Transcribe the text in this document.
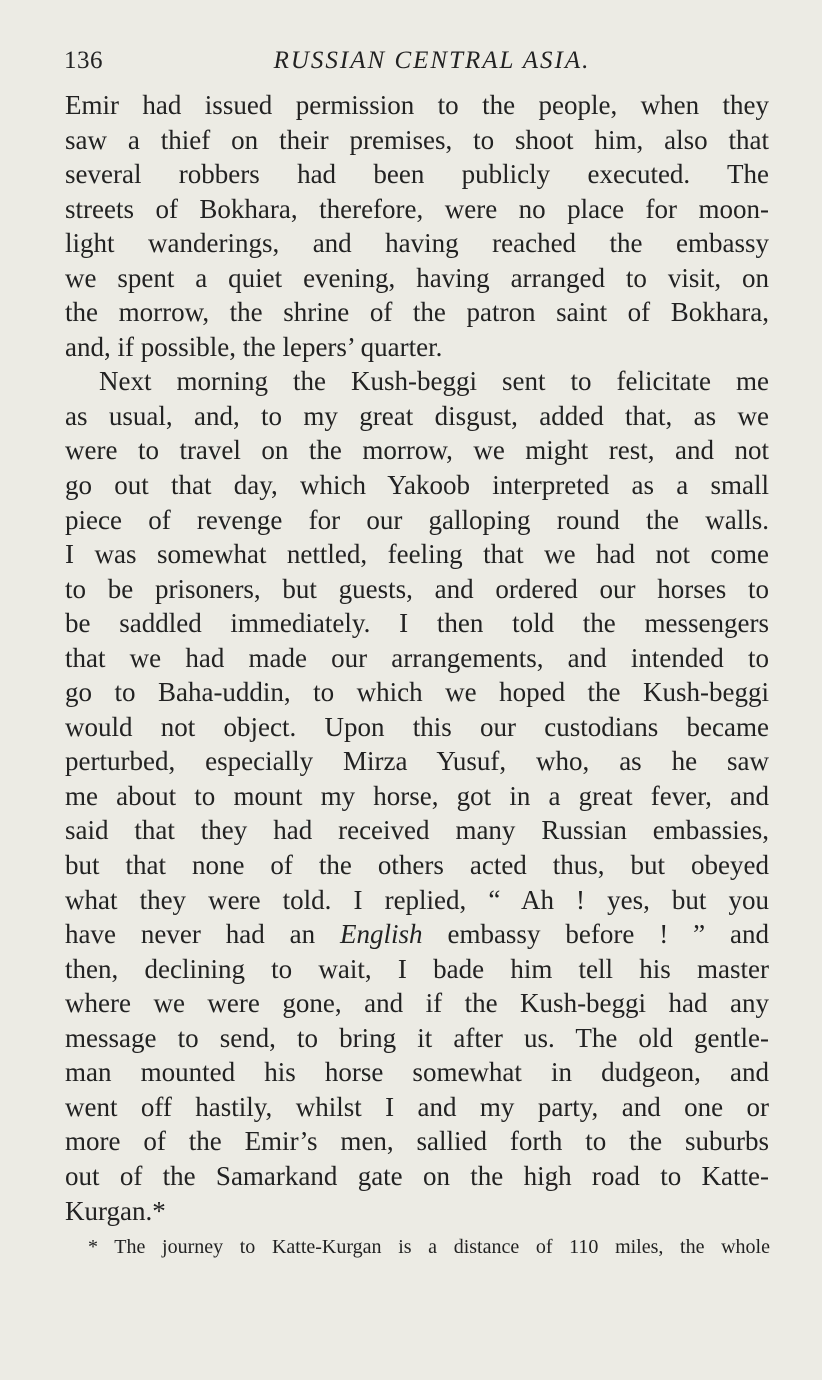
136	RUSSIAN CENTRAL ASIA.
Emir had issued permission to the people, when they
saw a thief on their premises, to shoot him, also that
several robbers had been publicly executed. The
streets of Bokhara, therefore, were no place for moon-
light wanderings, and having reached the embassy
we spent a quiet evening, having arranged to visit, on
the morrow, the shrine of the patron saint of Bokhara,
and, if possible, the lepers’ quarter.
Next morning the Kush-beggi sent to felicitate me
as usual, and, to my great disgust, added that, as we
were to travel on the morrow, we might rest, and not
go out that day, which Yakoob interpreted as a small
piece of revenge for our galloping round the walls.
I was somewhat nettled, feeling that we had not come
to be prisoners, but guests, and ordered our horses to
be saddled immediately. I then told the messengers
that we had made our arrangements, and intended to
go to Baha-uddin, to which we hoped the Kush-beggi
would not object. Upon this our custodians became
perturbed, especially Mirza Yusuf, who, as he saw
me about to mount my horse, got in a great fever, and
said that they had received many Russian embassies,
but that none of the others acted thus, but obeyed
what they were told. I replied, “ Ah ! yes, but you
have never had an English embassy before ! ” and
then, declining to wait, I bade him tell his master
where we were gone, and if the Kush-beggi had any
message to send, to bring it after us. The old gentle-
man mounted his horse somewhat in dudgeon, and
went off hastily, whilst I and my party, and one or
more of the Emir’s men, sallied forth to the suburbs
out of the Samarkand gate on the high road to Katte-
Kurgan.*
* The journey to Katte-Kurgan is a distance of 110 miles, the whole
